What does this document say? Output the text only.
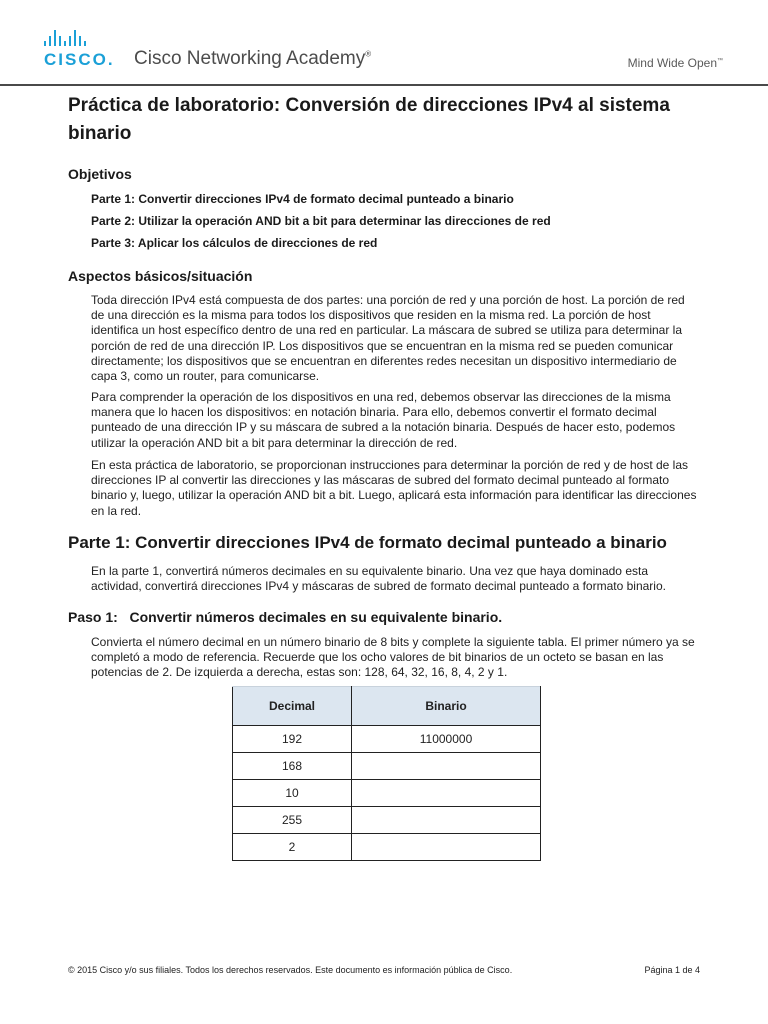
CISCO. Cisco Networking Academy®
Mind Wide Open™
Práctica de laboratorio: Conversión de direcciones IPv4 al sistema binario

Objetivos

Parte 1: Convertir direcciones IPv4 de formato decimal punteado a binario

Parte 2: Utilizar la operación AND bit a bit para determinar las direcciones de red

Parte 3: Aplicar los cálculos de direcciones de red

Aspectos básicos/situación

Toda dirección IPv4 está compuesta de dos partes: una porción de red y una porción de host. La porción de red de una dirección es la misma para todos los dispositivos que residen en la misma red. La porción de host identifica un host específico dentro de una red en particular. La máscara de subred se utiliza para determinar la porción de red de una dirección IP. Los dispositivos que se encuentran en la misma red se pueden comunicar directamente; los dispositivos que se encuentran en diferentes redes necesitan un dispositivo intermediario de capa 3, como un router, para comunicarse.

Para comprender la operación de los dispositivos en una red, debemos observar las direcciones de la misma manera que lo hacen los dispositivos: en notación binaria. Para ello, debemos convertir el formato decimal punteado de una dirección IP y su máscara de subred a la notación binaria. Después de hacer esto, podemos utilizar la operación AND bit a bit para determinar la dirección de red.

En esta práctica de laboratorio, se proporcionan instrucciones para determinar la porción de red y de host de las direcciones IP al convertir las direcciones y las máscaras de subred del formato decimal punteado al formato binario y, luego, utilizar la operación AND bit a bit. Luego, aplicará esta información para identificar las direcciones en la red.

Parte 1: Convertir direcciones IPv4 de formato decimal punteado a binario

En la parte 1, convertirá números decimales en su equivalente binario. Una vez que haya dominado esta actividad, convertirá direcciones IPv4 y máscaras de subred de formato decimal punteado a formato binario.

Paso 1:   Convertir números decimales en su equivalente binario.

Convierta el número decimal en un número binario de 8 bits y complete la siguiente tabla. El primer número ya se completó a modo de referencia. Recuerde que los ocho valores de bit binarios de un octeto se basan en las potencias de 2. De izquierda a derecha, estas son: 128, 64, 32, 16, 8, 4, 2 y 1.

Decimal	Binario
192	11000000
168	
10	
255	
2	
© 2015 Cisco y/o sus filiales. Todos los derechos reservados. Este documento es información pública de Cisco.	Página 1 de 4
